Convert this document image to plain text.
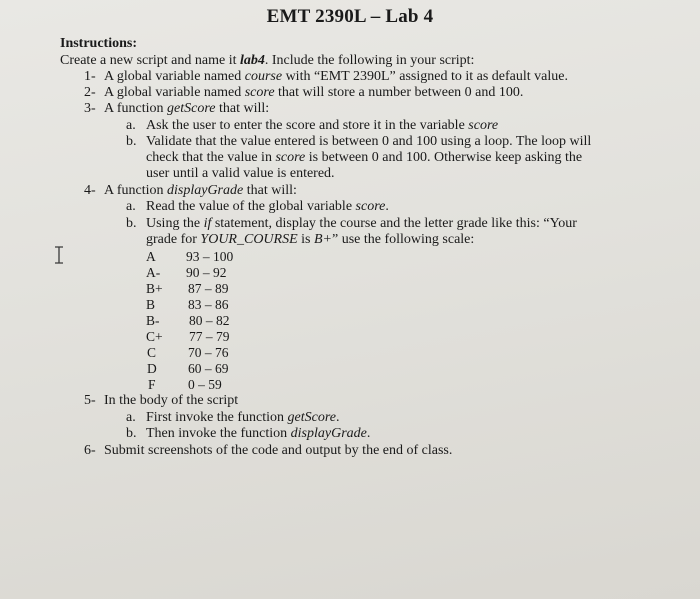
EMT 2390L – Lab 4
Instructions:
Create a new script and name it lab4. Include the following in your script:
1- A global variable named course with “EMT 2390L” assigned to it as default value.
2- A global variable named score that will store a number between 0 and 100.
3- A function getScore that will:
a. Ask the user to enter the score and store it in the variable score
b. Validate that the value entered is between 0 and 100 using a loop. The loop will
check that the value in score is between 0 and 100. Otherwise keep asking the
user until a valid value is entered.
4- A function displayGrade that will:
a. Read the value of the global variable score.
b. Using the if statement, display the course and the letter grade like this: “Your
grade for YOUR_COURSE is B+” use the following scale:
A 93 – 100
A- 90 – 92
B+ 87 – 89
B 83 – 86
B- 80 – 82
C+ 77 – 79
C 70 – 76
D 60 – 69
F 0 – 59
5- In the body of the script
a. First invoke the function getScore.
b. Then invoke the function displayGrade.
6- Submit screenshots of the code and output by the end of class.
